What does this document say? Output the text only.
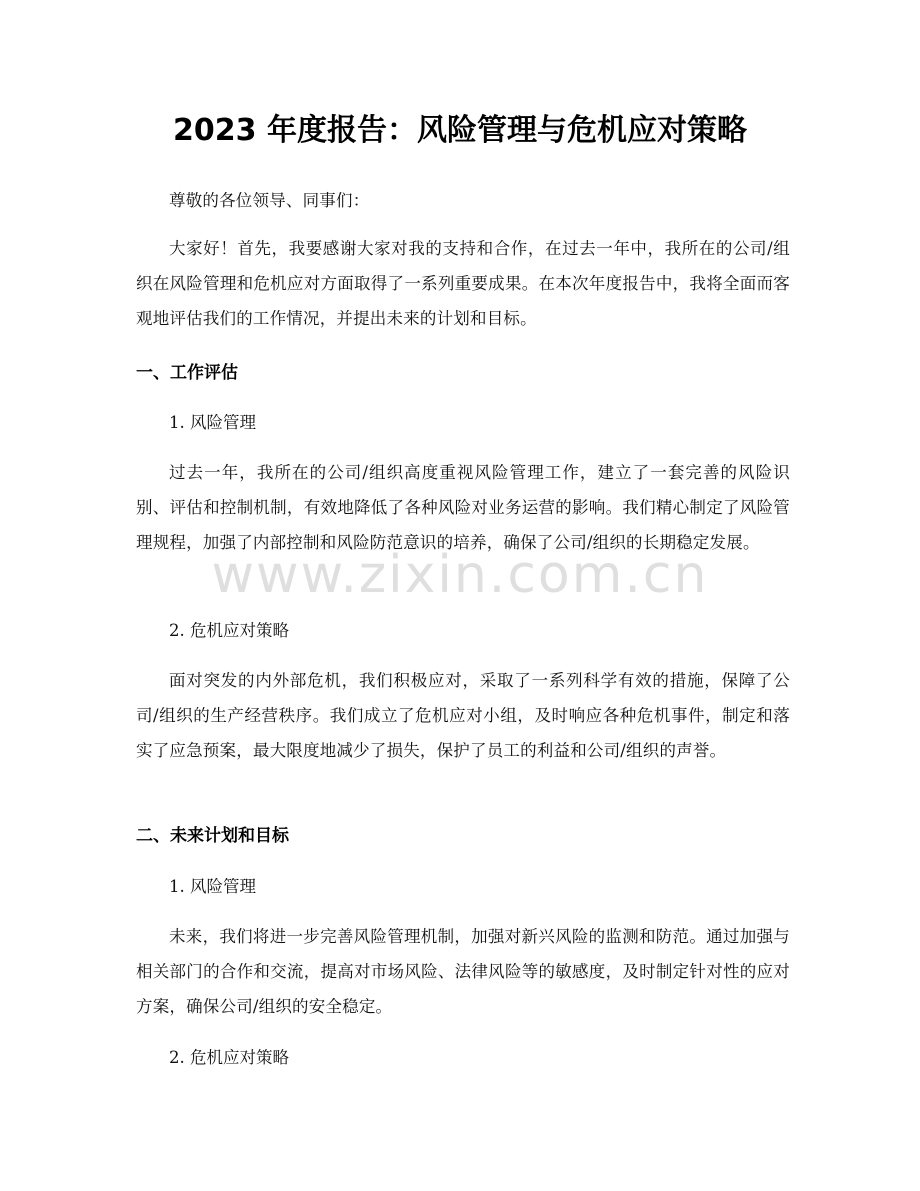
2023 年度报告：风险管理与危机应对策略

尊敬的各位领导、同事们：

大家好！首先，我要感谢大家对我的支持和合作，在过去一年中，我所在的公司/组织在风险管理和危机应对方面取得了一系列重要成果。在本次年度报告中，我将全面而客观地评估我们的工作情况，并提出未来的计划和目标。

一、工作评估
1. 风险管理

过去一年，我所在的公司/组织高度重视风险管理工作，建立了一套完善的风险识别、评估和控制机制，有效地降低了各种风险对业务运营的影响。我们精心制定了风险管理规程，加强了内部控制和风险防范意识的培养，确保了公司/组织的长期稳定发展。

2. 危机应对策略

面对突发的内外部危机，我们积极应对，采取了一系列科学有效的措施，保障了公司/组织的生产经营秩序。我们成立了危机应对小组，及时响应各种危机事件，制定和落实了应急预案，最大限度地减少了损失，保护了员工的利益和公司/组织的声誉。

二、未来计划和目标
1. 风险管理

未来，我们将进一步完善风险管理机制，加强对新兴风险的监测和防范。通过加强与相关部门的合作和交流，提高对市场风险、法律风险等的敏感度，及时制定针对性的应对方案，确保公司/组织的安全稳定。

2. 危机应对策略
www.zixin.com.cn
